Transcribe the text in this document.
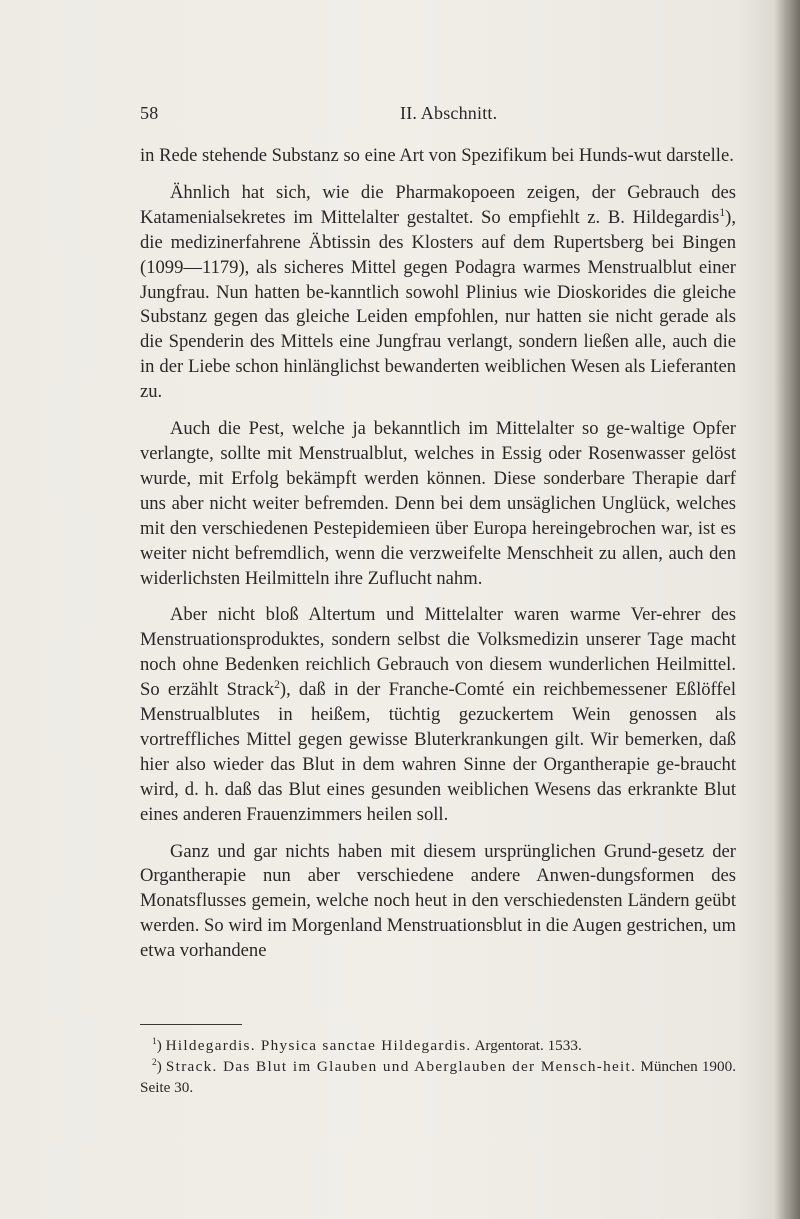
58	II. Abschnitt.

in Rede stehende Substanz so eine Art von Spezifikum bei Hunds-wut darstelle.

Ähnlich hat sich, wie die Pharmakopoeen zeigen, der Gebrauch des Katamenialsekretes im Mittelalter gestaltet. So empfiehlt z. B. Hildegardis$^1$), die medizinerfahrene Äbtissin des Klosters auf dem Rupertsberg bei Bingen (1099—1179), als sicheres Mittel gegen Podagra warmes Menstrualblut einer Jungfrau. Nun hatten be-kanntlich sowohl Plinius wie Dioskorides die gleiche Substanz gegen das gleiche Leiden empfohlen, nur hatten sie nicht gerade als die Spenderin des Mittels eine Jungfrau verlangt, sondern ließen alle, auch die in der Liebe schon hinlänglichst bewanderten weiblichen Wesen als Lieferanten zu.

Auch die Pest, welche ja bekanntlich im Mittelalter so ge-waltige Opfer verlangte, sollte mit Menstrualblut, welches in Essig oder Rosenwasser gelöst wurde, mit Erfolg bekämpft werden können. Diese sonderbare Therapie darf uns aber nicht weiter befremden. Denn bei dem unsäglichen Unglück, welches mit den verschiedenen Pestepidemieen über Europa hereingebrochen war, ist es weiter nicht befremdlich, wenn die verzweifelte Menschheit zu allen, auch den widerlichsten Heilmitteln ihre Zuflucht nahm.

Aber nicht bloß Altertum und Mittelalter waren warme Ver-ehrer des Menstruationsproduktes, sondern selbst die Volksmedizin unserer Tage macht noch ohne Bedenken reichlich Gebrauch von diesem wunderlichen Heilmittel. So erzählt Strack$^2$), daß in der Franche-Comté ein reichbemessener Eßlöffel Menstrualblutes in heißem, tüchtig gezuckertem Wein genossen als vortreffliches Mittel gegen gewisse Bluterkrankungen gilt. Wir bemerken, daß hier also wieder das Blut in dem wahren Sinne der Organtherapie ge-braucht wird, d. h. daß das Blut eines gesunden weiblichen Wesens das erkrankte Blut eines anderen Frauenzimmers heilen soll.

Ganz und gar nichts haben mit diesem ursprünglichen Grund-gesetz der Organtherapie nun aber verschiedene andere Anwen-dungsformen des Monatsflusses gemein, welche noch heut in den verschiedensten Ländern geübt werden. So wird im Morgenland Menstruationsblut in die Augen gestrichen, um etwa vorhandene

$^1$) Hildegardis. Physica sanctae Hildegardis. Argentorat. 1533.

$^2$) Strack. Das Blut im Glauben und Aberglauben der Mensch-heit. München 1900. Seite 30.
